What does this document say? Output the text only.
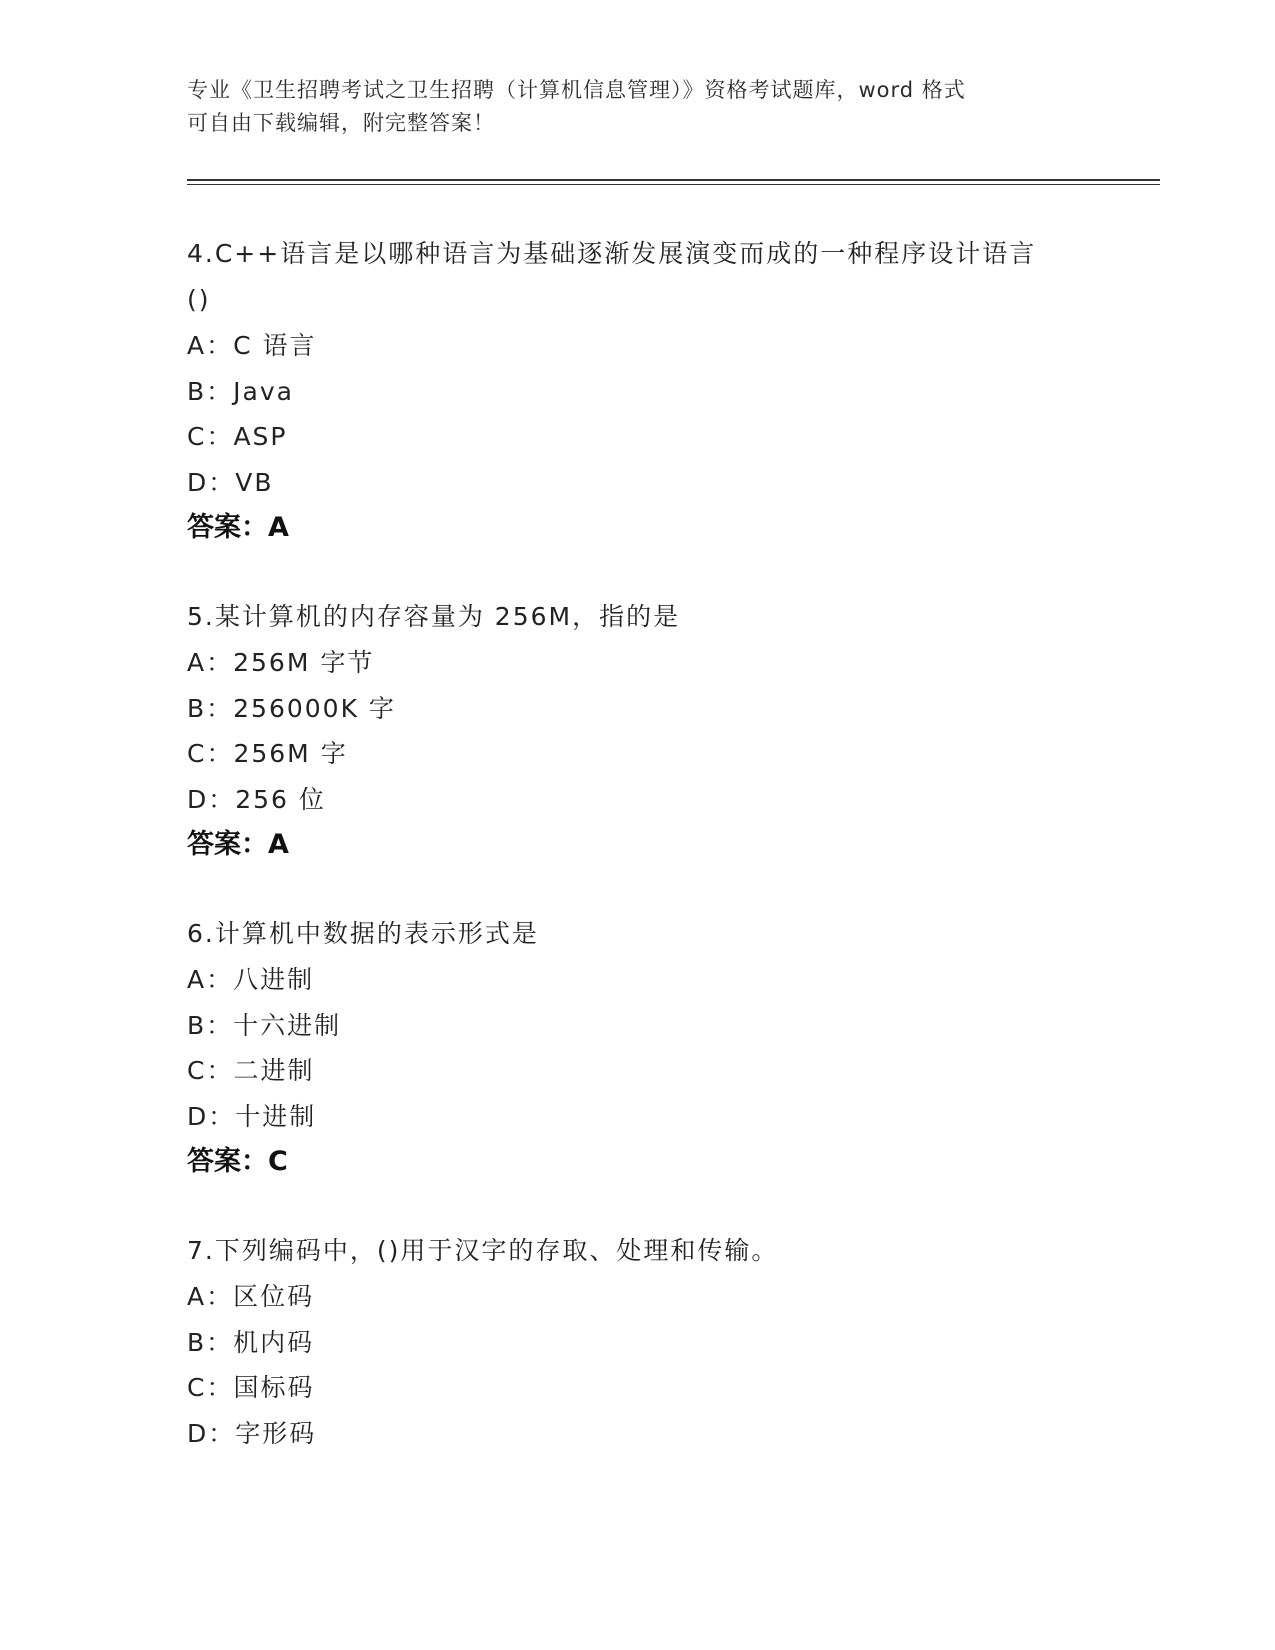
专业《卫生招聘考试之卫生招聘（计算机信息管理）》资格考试题库，word 格式
可自由下载编辑，附完整答案！
4.C++语言是以哪种语言为基础逐渐发展演变而成的一种程序设计语言
()
A：C 语言
B：Java
C：ASP
D：VB
答案：A
5.某计算机的内存容量为 256M，指的是
A：256M 字节
B：256000K 字
C：256M 字
D：256 位
答案：A
6.计算机中数据的表示形式是
A：八进制
B：十六进制
C：二进制
D：十进制
答案：C
7.下列编码中，()用于汉字的存取、处理和传输。
A：区位码
B：机内码
C：国标码
D：字形码
